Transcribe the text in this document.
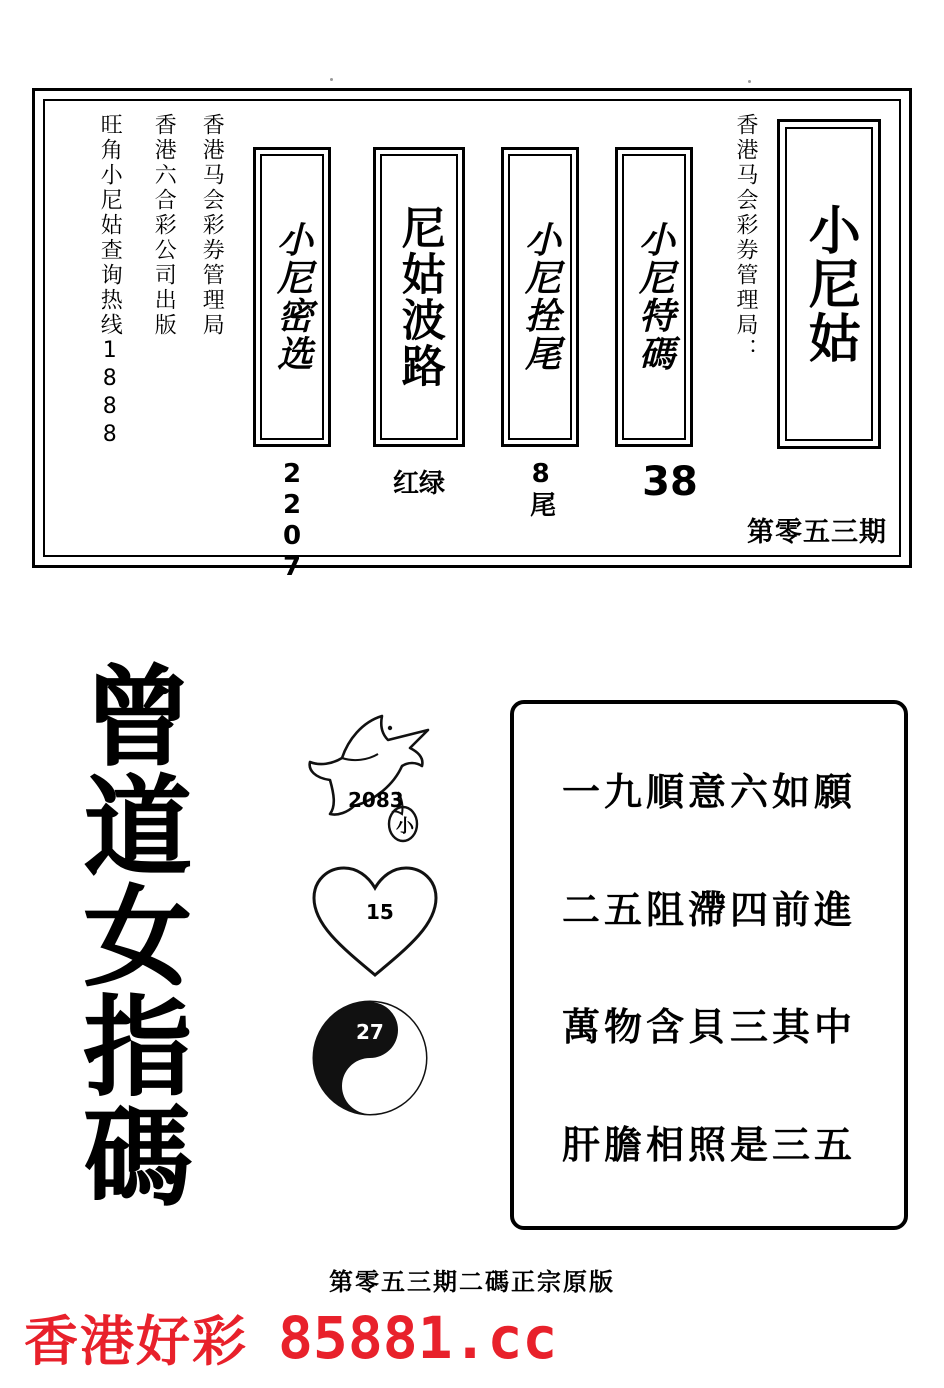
小尼姑
第零五三期
香港马会彩券管理局：
小尼特碼
38
小尼拴尾
8尾
尼姑波路
红绿
小尼密选
2207
香港马会彩券管理局
香港六合彩公司出版
旺角小尼姑查询热线1888
曾道女指碼	2083
小
15
27
一九順意六如願
二五阻滯四前進
萬物含貝三其中
肝膽相照是三五
第零五三期二碼正宗原版
香港好彩 85881.cc
